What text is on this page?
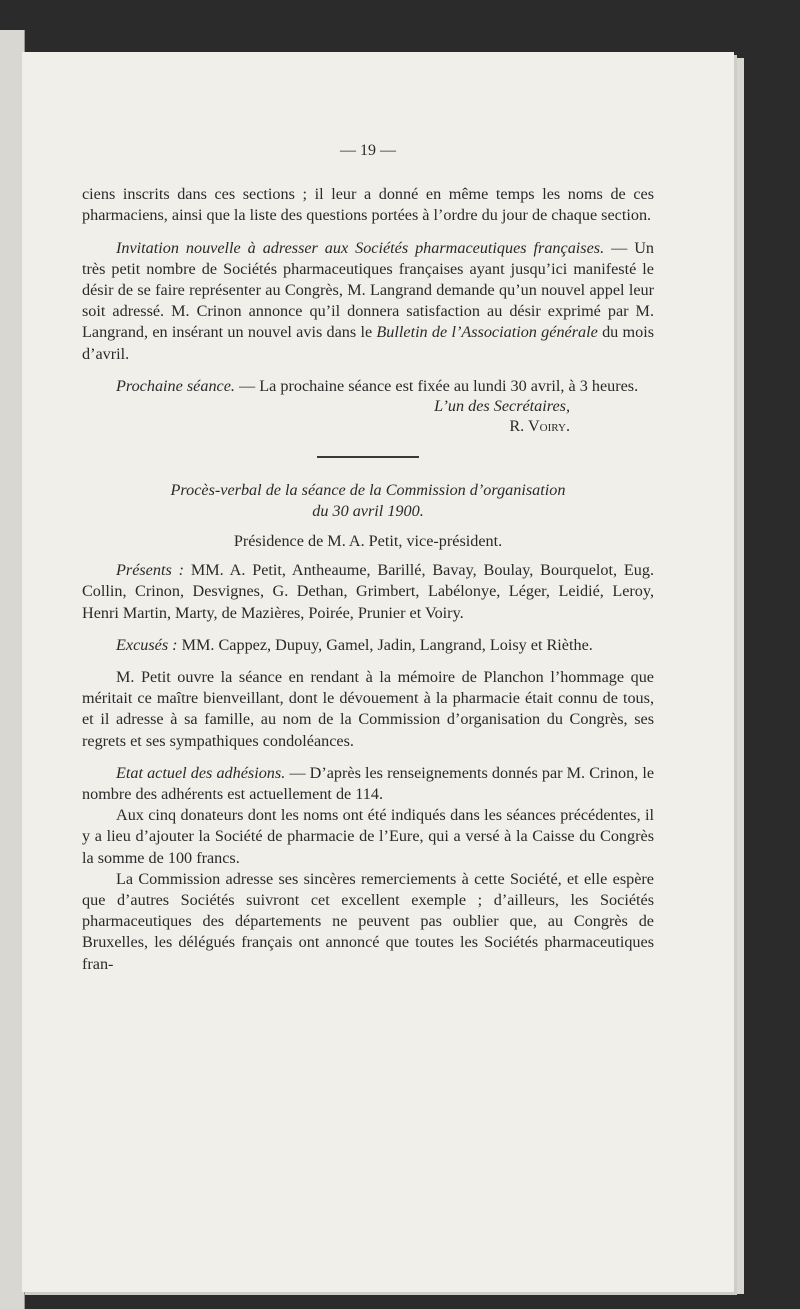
— 19 —

ciens inscrits dans ces sections ; il leur a donné en même temps les noms de ces pharmaciens, ainsi que la liste des questions portées à l’ordre du jour de chaque section.

Invitation nouvelle à adresser aux Sociétés pharmaceutiques françaises. — Un très petit nombre de Sociétés pharmaceutiques françaises ayant jusqu’ici manifesté le désir de se faire représenter au Congrès, M. Langrand demande qu’un nouvel appel leur soit adressé. M. Crinon annonce qu’il donnera satisfaction au désir exprimé par M. Langrand, en insérant un nouvel avis dans le Bulletin de l’Association générale du mois d’avril.

Prochaine séance. — La prochaine séance est fixée au lundi 30 avril, à 3 heures.

L’un des Secrétaires,
R. Voiry.
Procès-verbal de la séance de la Commission d’organisation
du 30 avril 1900.
Présidence de M. A. Petit, vice-président.

Présents : MM. A. Petit, Antheaume, Barillé, Bavay, Boulay, Bourquelot, Eug. Collin, Crinon, Desvignes, G. Dethan, Grimbert, Labélonye, Léger, Leidié, Leroy, Henri Martin, Marty, de Mazières, Poirée, Prunier et Voiry.

Excusés : MM. Cappez, Dupuy, Gamel, Jadin, Langrand, Loisy et Rièthe.

M. Petit ouvre la séance en rendant à la mémoire de Planchon l’hommage que méritait ce maître bienveillant, dont le dévouement à la pharmacie était connu de tous, et il adresse à sa famille, au nom de la Commission d’organisation du Congrès, ses regrets et ses sympathiques condoléances.

Etat actuel des adhésions. — D’après les renseignements donnés par M. Crinon, le nombre des adhérents est actuellement de 114.

Aux cinq donateurs dont les noms ont été indiqués dans les séances précédentes, il y a lieu d’ajouter la Société de pharmacie de l’Eure, qui a versé à la Caisse du Congrès la somme de 100 francs.

La Commission adresse ses sincères remerciements à cette Société, et elle espère que d’autres Sociétés suivront cet excellent exemple ; d’ailleurs, les Sociétés pharmaceutiques des départements ne peuvent pas oublier que, au Congrès de Bruxelles, les délégués français ont annoncé que toutes les Sociétés pharmaceutiques fran-
